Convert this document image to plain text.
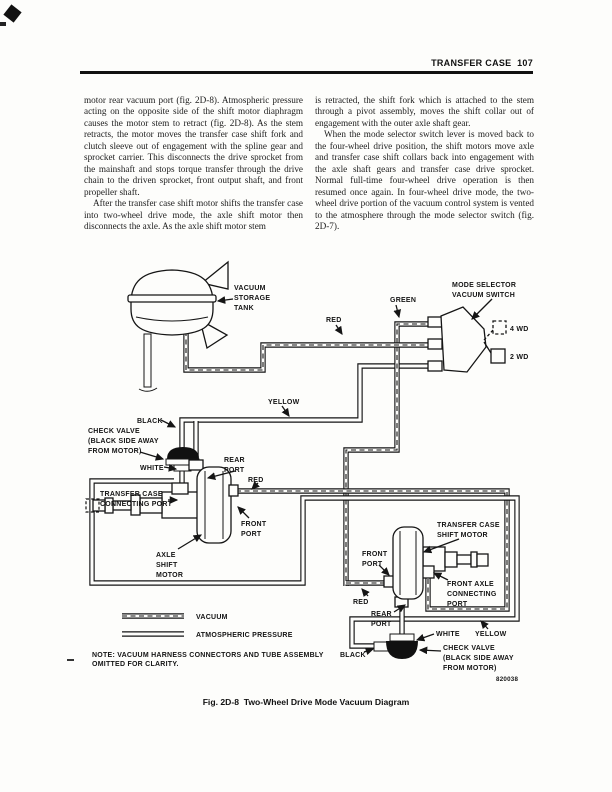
TRANSFER CASE  107

motor rear vacuum port (fig. 2D-8). Atmospheric pressure acting on the opposite side of the shift motor diaphragm causes the motor stem to retract (fig. 2D-8). As the stem retracts, the motor moves the transfer case shift fork and clutch sleeve out of engagement with the spline gear and sprocket carrier. This disconnects the drive sprocket from the mainshaft and stops torque transfer through the drive chain to the driven sprocket, front output shaft, and front propeller shaft.

After the transfer case shift motor shifts the transfer case into two-wheel drive mode, the axle shift motor then disconnects the axle. As the axle shift motor stem

is retracted, the shift fork which is attached to the stem through a pivot assembly, moves the shift collar out of engagement with the outer axle shaft gear.

When the mode selector switch lever is moved back to the four-wheel drive position, the shift motors move axle and transfer case shift collars back into engagement with the axle shaft gears and transfer case drive sprocket. Normal full-time four-wheel drive operation is then resumed once again. In four-wheel drive mode, the two-wheel drive portion of the vacuum control system is vented to the atmosphere through the mode selector switch (fig. 2D-7).

VACUUM
ATMOSPHERIC PRESSURE
NOTE: VACUUM HARNESS CONNECTORS AND TUBE ASSEMBLY
OMITTED FOR CLARITY.
VACUUM
STORAGE
TANK
RED
GREEN
MODE SELECTOR
VACUUM SWITCH
4 WD
2 WD
YELLOW
BLACK
CHECK VALVE
(BLACK SIDE AWAY
FROM MOTOR)
WHITE
REAR
PORT
RED
TRANSFER CASE
CONNECTING PORT
FRONT
PORT
AXLE
SHIFT
MOTOR
TRANSFER CASE
SHIFT MOTOR
FRONT
PORT
FRONT AXLE
CONNECTING
PORT
RED
REAR
PORT
WHITE
CHECK VALVE
(BLACK SIDE AWAY
FROM MOTOR)
YELLOW
BLACK
820038
Fig. 2D-8  Two-Wheel Drive Mode Vacuum Diagram
